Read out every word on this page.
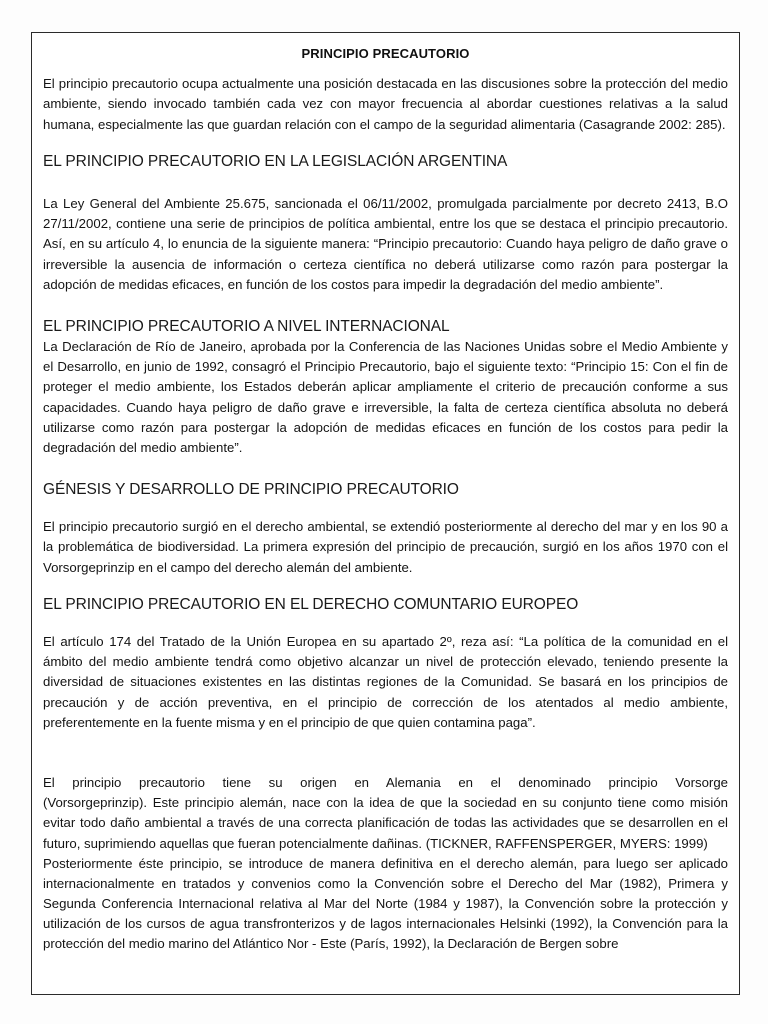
PRINCIPIO PRECAUTORIO

El principio precautorio ocupa actualmente una posición destacada en las discusiones sobre la protección del medio ambiente, siendo invocado también cada vez con mayor frecuencia al abordar cuestiones relativas a la salud humana, especialmente las que guardan relación con el campo de la seguridad alimentaria (Casagrande 2002: 285).

EL PRINCIPIO PRECAUTORIO EN LA LEGISLACIÓN ARGENTINA

La Ley General del Ambiente 25.675, sancionada el 06/11/2002, promulgada parcialmente por decreto 2413, B.O 27/11/2002, contiene una serie de principios de política ambiental, entre los que se destaca el principio precautorio. Así, en su artículo 4, lo enuncia de la siguiente manera: “Principio precautorio: Cuando haya peligro de daño grave o irreversible la ausencia de información o certeza científica no deberá utilizarse como razón para postergar la adopción de medidas eficaces, en función de los costos para impedir la degradación del medio ambiente”.

EL PRINCIPIO PRECAUTORIO A NIVEL INTERNACIONAL

La Declaración de Río de Janeiro, aprobada por la Conferencia de las Naciones Unidas sobre el Medio Ambiente y el Desarrollo, en junio de 1992, consagró el Principio Precautorio, bajo el siguiente texto: “Principio 15: Con el fin de proteger el medio ambiente, los Estados deberán aplicar ampliamente el criterio de precaución conforme a sus capacidades. Cuando haya peligro de daño grave e irreversible, la falta de certeza científica absoluta no deberá utilizarse como razón para postergar la adopción de medidas eficaces en función de los costos para pedir la degradación del medio ambiente”.

GÉNESIS Y DESARROLLO DE PRINCIPIO PRECAUTORIO

El principio precautorio surgió en el derecho ambiental, se extendió posteriormente al derecho del mar y en los 90 a la problemática de biodiversidad. La primera expresión del principio de precaución, surgió en los años 1970 con el Vorsorgeprinzip en el campo del derecho alemán del ambiente.

EL PRINCIPIO PRECAUTORIO EN EL DERECHO COMUNTARIO EUROPEO

El artículo 174 del Tratado de la Unión Europea en su apartado 2º, reza así: “La política de la comunidad en el ámbito del medio ambiente tendrá como objetivo alcanzar un nivel de protección elevado, teniendo presente la diversidad de situaciones existentes en las distintas regiones de la Comunidad. Se basará en los principios de precaución y de acción preventiva, en el principio de corrección de los atentados al medio ambiente, preferentemente en la fuente misma y en el principio de que quien contamina paga”.

El principio precautorio tiene su origen en Alemania en el denominado principio Vorsorge
(Vorsorgeprinzip). Este principio alemán, nace con la idea de que la sociedad en su conjunto tiene como misión evitar todo daño ambiental a través de una correcta planificación de todas las actividades que se desarrollen en el futuro, suprimiendo aquellas que fueran potencialmente dañinas. (TICKNER, RAFFENSPERGER, MYERS: 1999)

Posteriormente éste principio, se introduce de manera definitiva en el derecho alemán, para luego ser aplicado internacionalmente en tratados y convenios como la Convención sobre el Derecho del Mar (1982), Primera y Segunda Conferencia Internacional relativa al Mar del Norte (1984 y 1987), la Convención sobre la protección y utilización de los cursos de agua transfronterizos y de lagos internacionales Helsinki (1992), la Convención para la protección del medio marino del Atlántico Nor - Este (París, 1992), la Declaración de Bergen sobre
